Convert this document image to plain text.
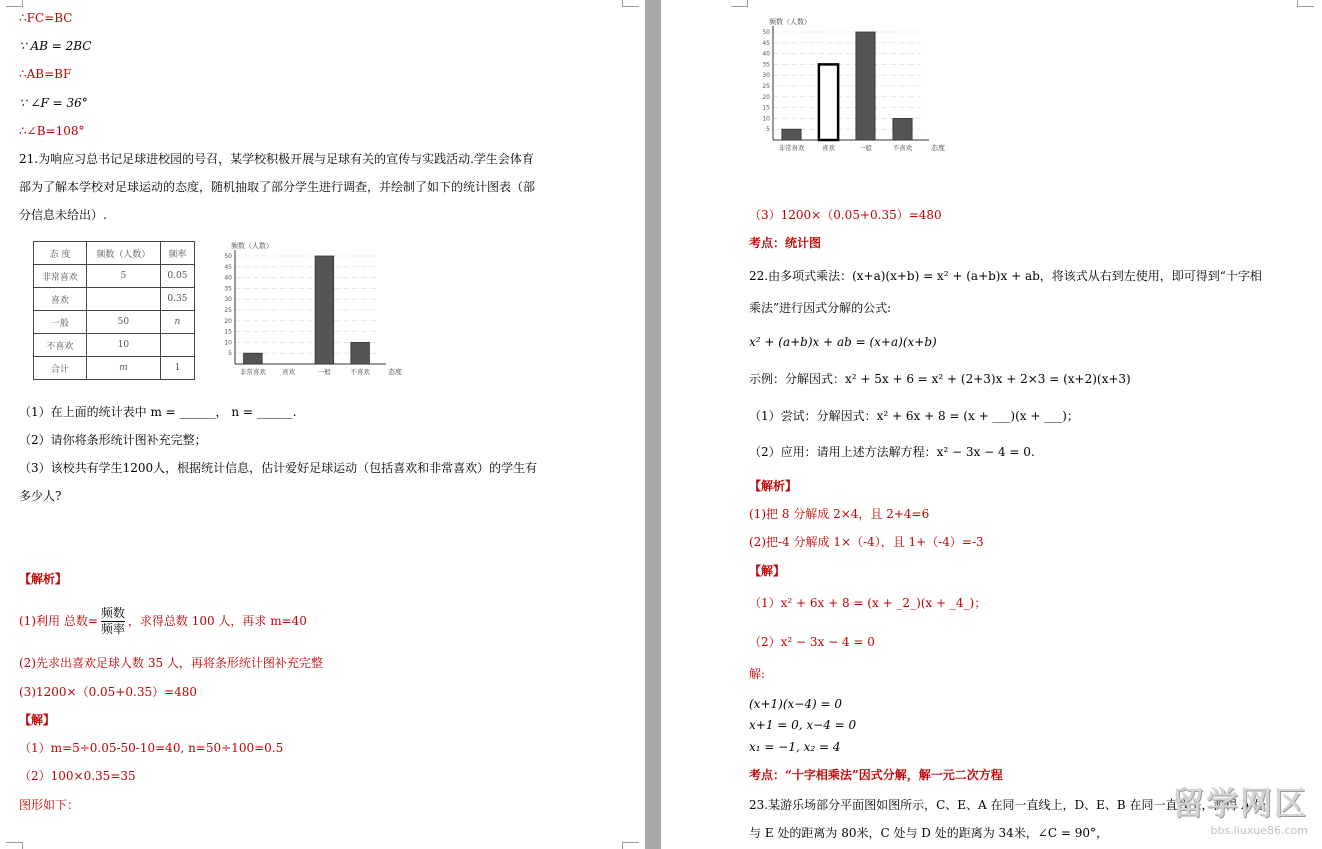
∴FC=BC
∵ AB = 2BC
∴AB=BF
∵ ∠F = 36°
∴∠B=108°
21.为响应习总书记足球进校园的号召，某学校积极开展与足球有关的宣传与实践活动.学生会体育
部为了解本学校对足球运动的态度，随机抽取了部分学生进行调查，并绘制了如下的统计图表（部
分信息未给出）.
态 度	频数（人数）	频率
非常喜欢	5	0.05
喜欢		0.35
一般	50	n
不喜欢	10	
合计	m	1
频数（人数）
5
10
15
20
25
30
35
40
45
50
非常喜欢	喜欢	一般	不喜欢	态度
（1）在上面的统计表中 m = ______， n = ______.
（2）请你将条形统计图补充完整；
（3）该校共有学生1200人，根据统计信息，估计爱好足球运动（包括喜欢和非常喜欢）的学生有
多少人?
【解析】
(1)利用 总数= $\frac{\text{频数}}{\text{频率}}$ ，求得总数 100 人，再求 m=40
(2)先求出喜欢足球人数 35 人，再将条形统计图补充完整
(3)1200×（0.05+0.35）=480
【解】
（1）m=5÷0.05-50-10=40, n=50÷100=0.5
（2）100×0.35=35
图形如下：
频数（人数）
5
10
15
20
25
30
35
40
45
50
非常喜欢	喜欢	一般	不喜欢	态度
（3）1200×（0.05+0.35）=480
考点：统计图
22.由多项式乘法：(x+a)(x+b) = x² + (a+b)x + ab，将该式从右到左使用，即可得到“十字相
乘法”进行因式分解的公式:
x² + (a+b)x + ab = (x+a)(x+b)
示例：分解因式：x² + 5x + 6 = x² + (2+3)x + 2×3 = (x+2)(x+3)
（1）尝试：分解因式：x² + 6x + 8 = (x + ___)(x + ___)；
（2）应用：请用上述方法解方程：x² − 3x − 4 = 0.
【解析】
(1)把 8 分解成 2×4，且 2+4=6
(2)把-4 分解成 1×（-4），且 1+（-4）=-3
【解】
（1）x² + 6x + 8 = (x + _2_)(x + _4_)；
（2）x² − 3x − 4 = 0
解:
(x+1)(x−4) = 0
x+1 = 0, x−4 = 0
x₁ = −1, x₂ = 4
考点：“十字相乘法”因式分解，解一元二次方程
23.某游乐场部分平面图如图所示，C、E、A 在同一直线上，D、E、B 在同一直线上，测得 A 处
与 E 处的距离为 80米，C 处与 D 处的距离为 34米，∠C = 90°，
留学网区
bbs.liuxue86.com
